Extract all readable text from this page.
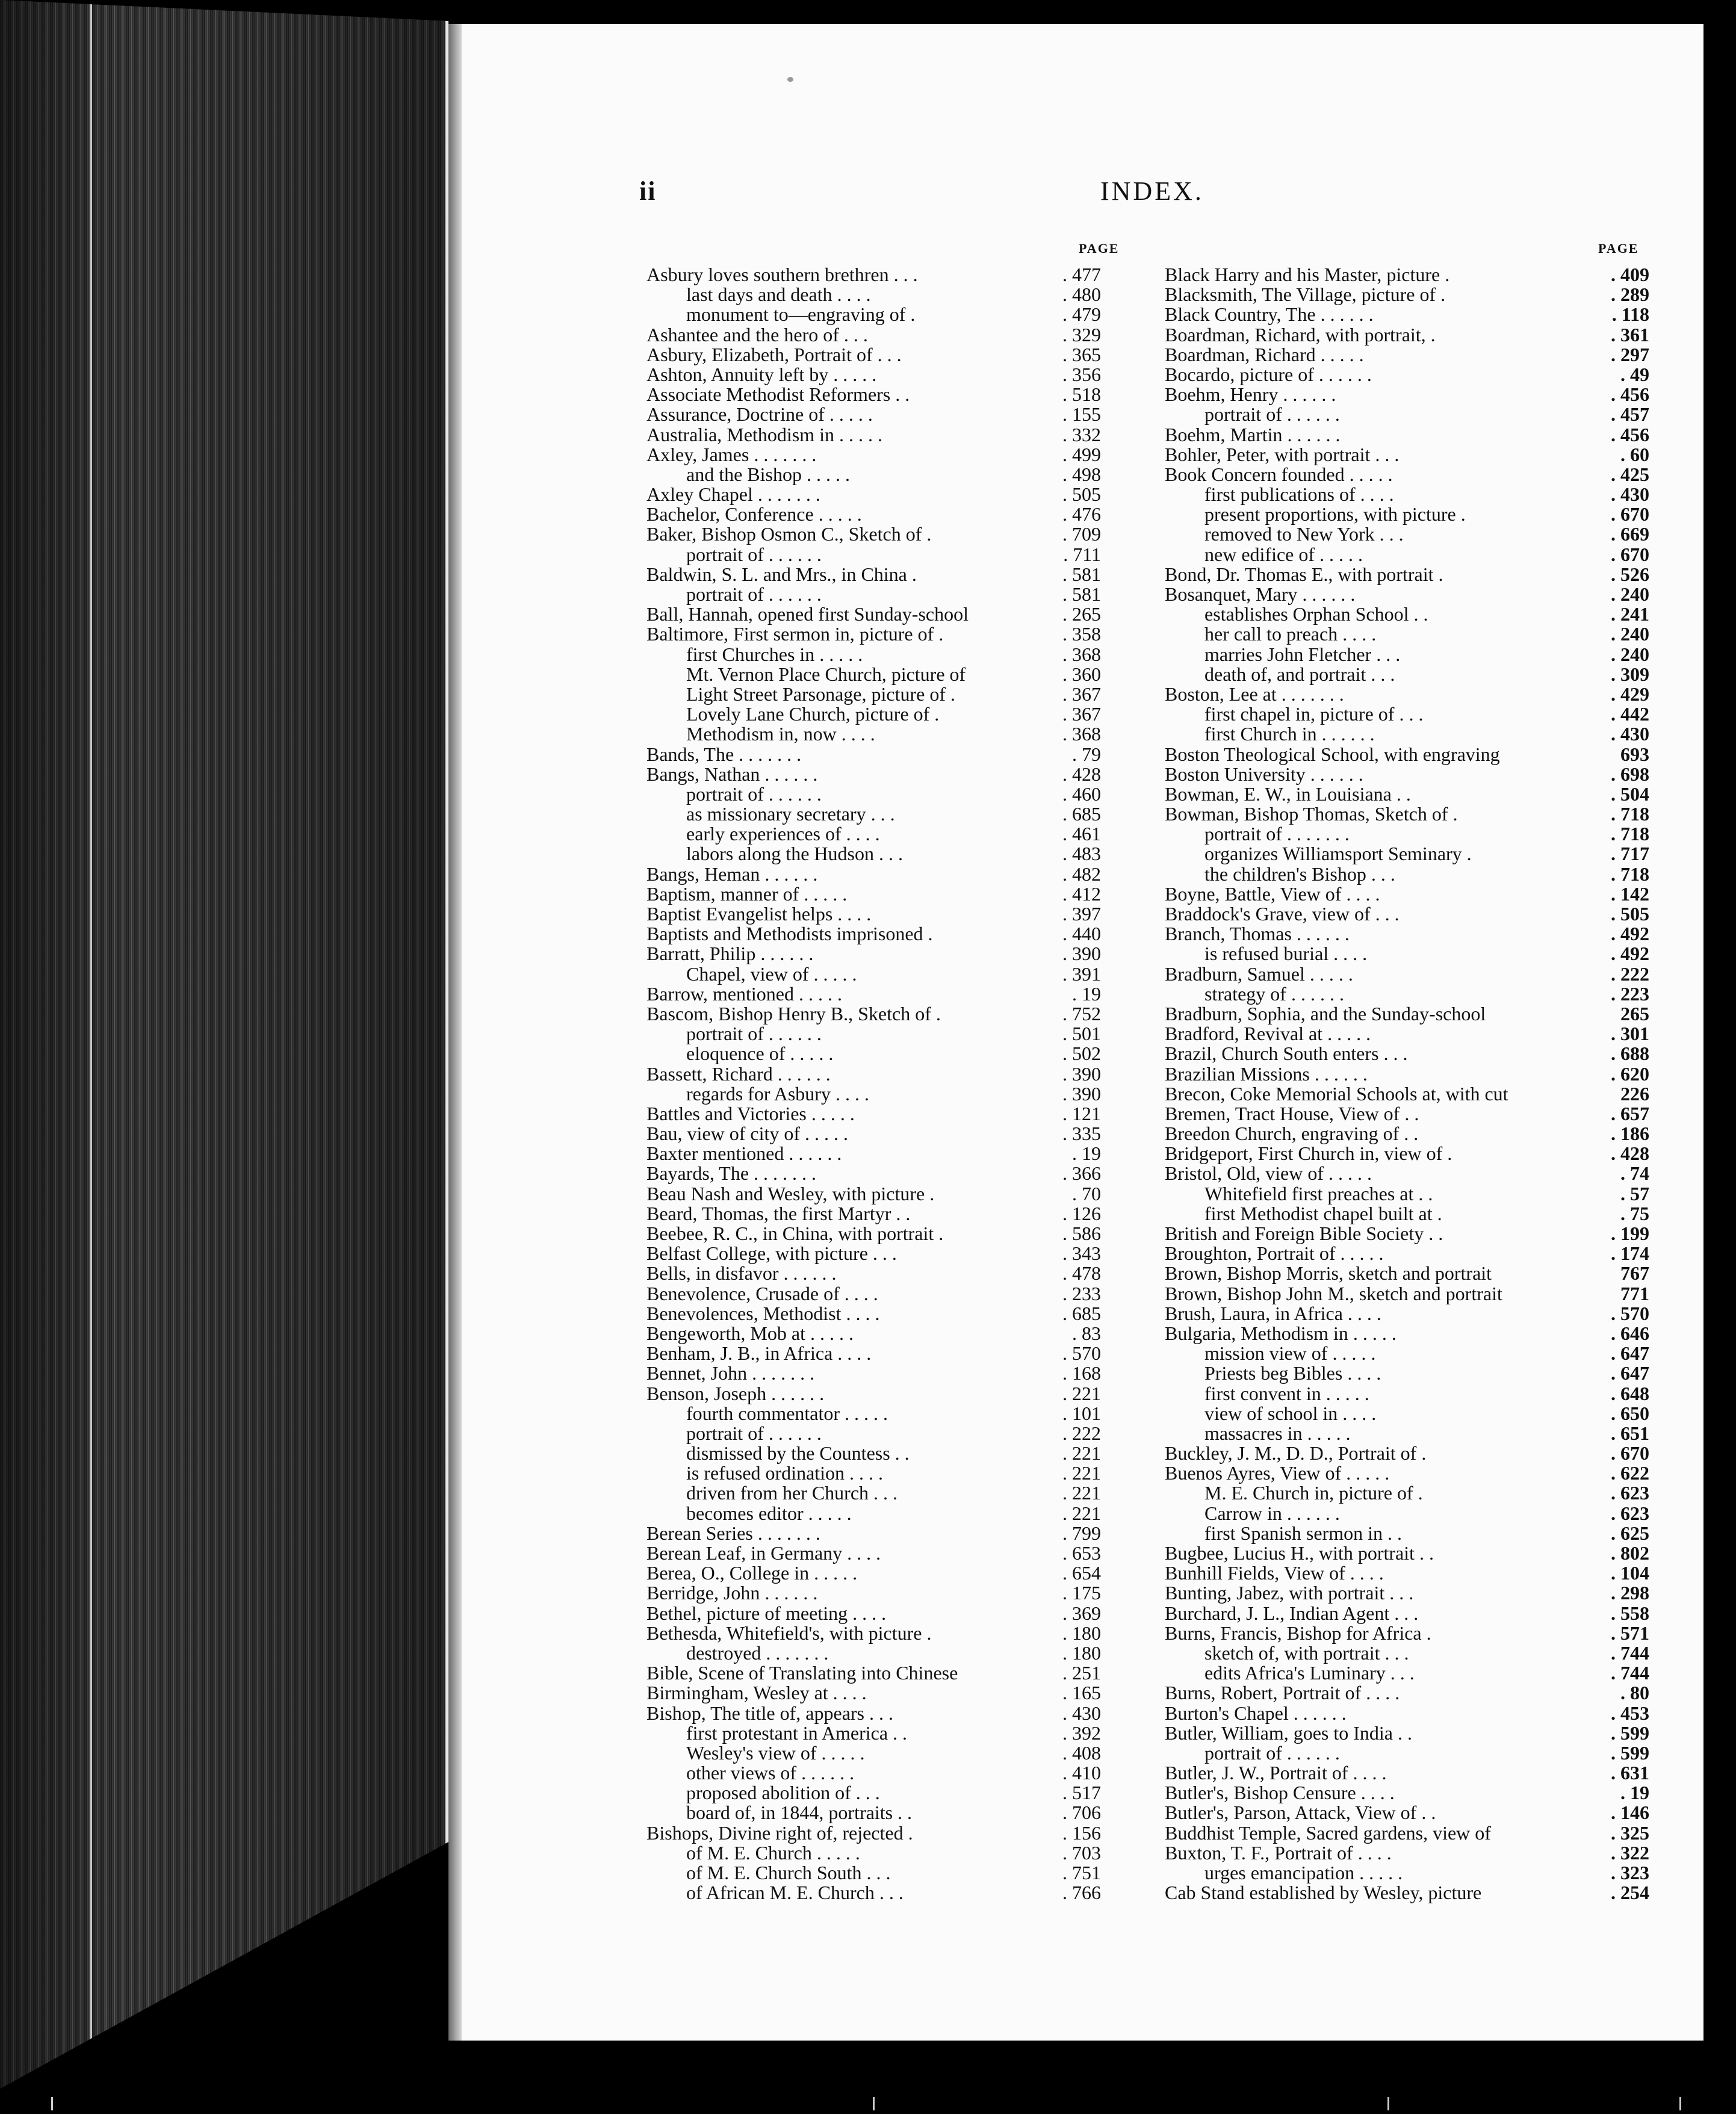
ii	INDEX.
PAGE
Asbury loves southern brethren . . .	. 477
last days and death . . . .	. 480
monument to—engraving of .	. 479
Ashantee and the hero of . . .	. 329
Asbury, Elizabeth, Portrait of . . .	. 365
Ashton, Annuity left by . . . . .	. 356
Associate Methodist Reformers . .	. 518
Assurance, Doctrine of . . . . .	. 155
Australia, Methodism in . . . . .	. 332
Axley, James . . . . . . .	. 499
and the Bishop . . . . .	. 498
Axley Chapel . . . . . . .	. 505
Bachelor, Conference . . . . .	. 476
Baker, Bishop Osmon C., Sketch of .	. 709
portrait of . . . . . .	. 711
Baldwin, S. L. and Mrs., in China .	. 581
portrait of . . . . . .	. 581
Ball, Hannah, opened first Sunday-school	. 265
Baltimore, First sermon in, picture of .	. 358
first Churches in . . . . .	. 368
Mt. Vernon Place Church, picture of	. 360
Light Street Parsonage, picture of .	. 367
Lovely Lane Church, picture of .	. 367
Methodism in, now . . . .	. 368
Bands, The . . . . . . .	. 79
Bangs, Nathan . . . . . .	. 428
portrait of . . . . . .	. 460
as missionary secretary . . .	. 685
early experiences of . . . .	. 461
labors along the Hudson . . .	. 483
Bangs, Heman . . . . . .	. 482
Baptism, manner of . . . . .	. 412
Baptist Evangelist helps . . . .	. 397
Baptists and Methodists imprisoned .	. 440
Barratt, Philip . . . . . .	. 390
Chapel, view of . . . . .	. 391
Barrow, mentioned . . . . .	. 19
Bascom, Bishop Henry B., Sketch of .	. 752
portrait of . . . . . .	. 501
eloquence of . . . . .	. 502
Bassett, Richard . . . . . .	. 390
regards for Asbury . . . .	. 390
Battles and Victories . . . . .	. 121
Bau, view of city of . . . . .	. 335
Baxter mentioned . . . . . .	. 19
Bayards, The . . . . . . .	. 366
Beau Nash and Wesley, with picture .	. 70
Beard, Thomas, the first Martyr . .	. 126
Beebee, R. C., in China, with portrait .	. 586
Belfast College, with picture . . .	. 343
Bells, in disfavor . . . . . .	. 478
Benevolence, Crusade of . . . .	. 233
Benevolences, Methodist . . . .	. 685
Bengeworth, Mob at . . . . .	. 83
Benham, J. B., in Africa . . . .	. 570
Bennet, John . . . . . . .	. 168
Benson, Joseph . . . . . .	. 221
fourth commentator . . . . .	. 101
portrait of . . . . . .	. 222
dismissed by the Countess . .	. 221
is refused ordination . . . .	. 221
driven from her Church . . .	. 221
becomes editor . . . . .	. 221
Berean Series . . . . . . .	. 799
Berean Leaf, in Germany . . . .	. 653
Berea, O., College in . . . . .	. 654
Berridge, John . . . . . .	. 175
Bethel, picture of meeting . . . .	. 369
Bethesda, Whitefield's, with picture .	. 180
destroyed . . . . . . .	. 180
Bible, Scene of Translating into Chinese	. 251
Birmingham, Wesley at . . . .	. 165
Bishop, The title of, appears . . .	. 430
first protestant in America . .	. 392
Wesley's view of . . . . .	. 408
other views of . . . . . .	. 410
proposed abolition of . . .	. 517
board of, in 1844, portraits . .	. 706
Bishops, Divine right of, rejected .	. 156
of M. E. Church . . . . .	. 703
of M. E. Church South . . .	. 751
of African M. E. Church . . .	. 766
PAGE
Black Harry and his Master, picture .	. 409
Blacksmith, The Village, picture of .	. 289
Black Country, The . . . . . .	. 118
Boardman, Richard, with portrait, .	. 361
Boardman, Richard . . . . .	. 297
Bocardo, picture of . . . . . .	. 49
Boehm, Henry . . . . . .	. 456
portrait of . . . . . .	. 457
Boehm, Martin . . . . . .	. 456
Bohler, Peter, with portrait . . .	. 60
Book Concern founded . . . . .	. 425
first publications of . . . .	. 430
present proportions, with picture .	. 670
removed to New York . . .	. 669
new edifice of . . . . .	. 670
Bond, Dr. Thomas E., with portrait .	. 526
Bosanquet, Mary . . . . . .	. 240
establishes Orphan School . .	. 241
her call to preach . . . .	. 240
marries John Fletcher . . .	. 240
death of, and portrait . . .	. 309
Boston, Lee at . . . . . . .	. 429
first chapel in, picture of . . .	. 442
first Church in . . . . . .	. 430
Boston Theological School, with engraving	693
Boston University . . . . . .	. 698
Bowman, E. W., in Louisiana . .	. 504
Bowman, Bishop Thomas, Sketch of .	. 718
portrait of . . . . . . .	. 718
organizes Williamsport Seminary .	. 717
the children's Bishop . . .	. 718
Boyne, Battle, View of . . . .	. 142
Braddock's Grave, view of . . .	. 505
Branch, Thomas . . . . . .	. 492
is refused burial . . . .	. 492
Bradburn, Samuel . . . . .	. 222
strategy of . . . . . .	. 223
Bradburn, Sophia, and the Sunday-school	265
Bradford, Revival at . . . . .	. 301
Brazil, Church South enters . . .	. 688
Brazilian Missions . . . . . .	. 620
Brecon, Coke Memorial Schools at, with cut	226
Bremen, Tract House, View of . .	. 657
Breedon Church, engraving of . .	. 186
Bridgeport, First Church in, view of .	. 428
Bristol, Old, view of . . . . .	. 74
Whitefield first preaches at . .	. 57
first Methodist chapel built at .	. 75
British and Foreign Bible Society . .	. 199
Broughton, Portrait of . . . . .	. 174
Brown, Bishop Morris, sketch and portrait	767
Brown, Bishop John M., sketch and portrait	771
Brush, Laura, in Africa . . . .	. 570
Bulgaria, Methodism in . . . . .	. 646
mission view of . . . . .	. 647
Priests beg Bibles . . . .	. 647
first convent in . . . . .	. 648
view of school in . . . .	. 650
massacres in . . . . .	. 651
Buckley, J. M., D. D., Portrait of .	. 670
Buenos Ayres, View of . . . . .	. 622
M. E. Church in, picture of .	. 623
Carrow in . . . . . .	. 623
first Spanish sermon in . .	. 625
Bugbee, Lucius H., with portrait . .	. 802
Bunhill Fields, View of . . . .	. 104
Bunting, Jabez, with portrait . . .	. 298
Burchard, J. L., Indian Agent . . .	. 558
Burns, Francis, Bishop for Africa .	. 571
sketch of, with portrait . . .	. 744
edits Africa's Luminary . . .	. 744
Burns, Robert, Portrait of . . . .	. 80
Burton's Chapel . . . . . .	. 453
Butler, William, goes to India . .	. 599
portrait of . . . . . .	. 599
Butler, J. W., Portrait of . . . .	. 631
Butler's, Bishop Censure . . . .	. 19
Butler's, Parson, Attack, View of . .	. 146
Buddhist Temple, Sacred gardens, view of	. 325
Buxton, T. F., Portrait of . . . .	. 322
urges emancipation . . . . .	. 323
Cab Stand established by Wesley, picture	. 254
